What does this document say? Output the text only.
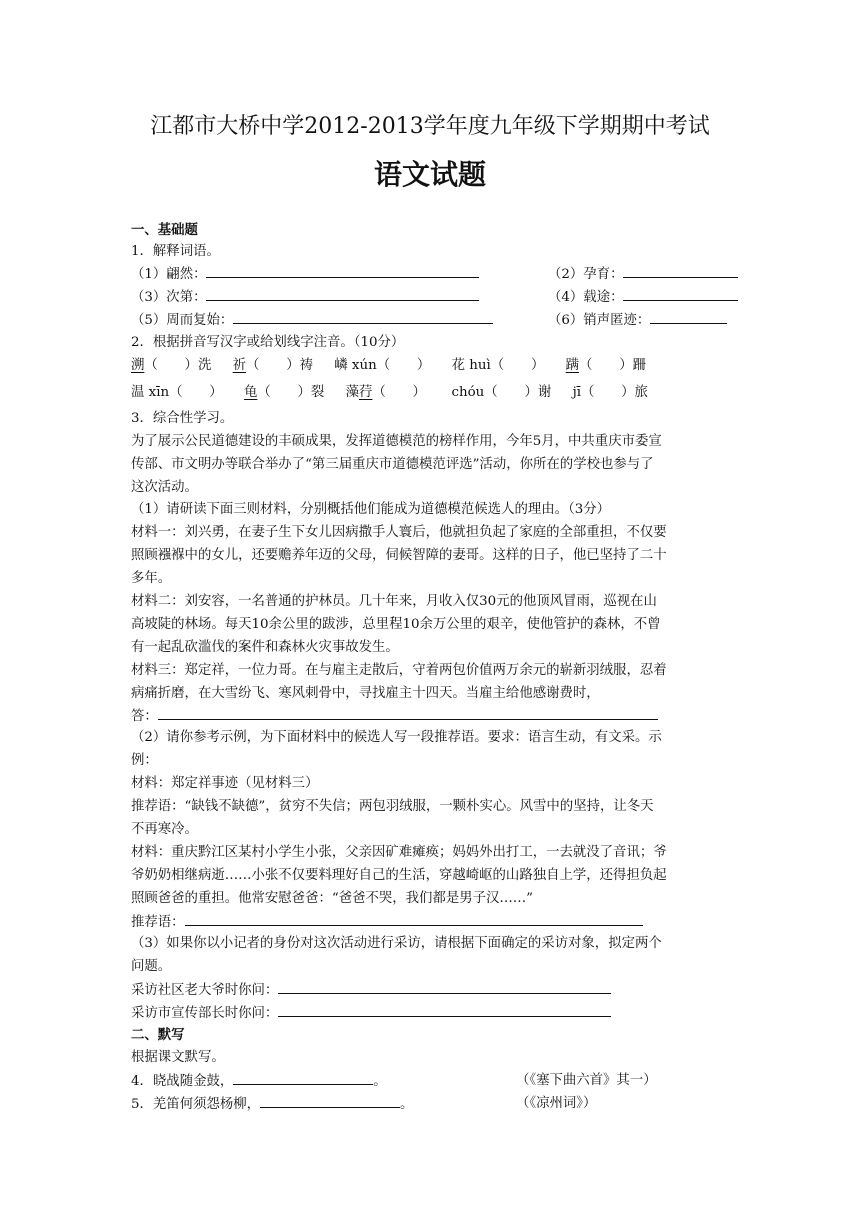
江都市大桥中学2012-2013学年度九年级下学期期中考试
语文试题
一、基础题
1．解释词语。
（1）翩然：	（2）孕育：
（3）次第：	（4）载途：
（5）周而复始：	（6）销声匿迹：
2．根据拼音写汉字或给划线字注音。（10分）
溯（　　）洗 祈（　　）祷 嶙 xún（　　） 花 huì（　　） 蹒（　　）跚
温 xīn（　　） 龟（　　）裂 藻荇（　　） chóu（　　）谢 jī（　　）旅
3．综合性学习。
为了展示公民道德建设的丰硕成果，发挥道德模范的榜样作用，今年5月，中共重庆市委宣
传部、市文明办等联合举办了“第三届重庆市道德模范评选”活动，你所在的学校也参与了
这次活动。
（1）请研读下面三则材料，分别概括他们能成为道德模范候选人的理由。（3分）
材料一：刘兴勇，在妻子生下女儿因病撒手人寰后，他就担负起了家庭的全部重担，不仅要
照顾襁褓中的女儿，还要赡养年迈的父母，伺候智障的妻哥。这样的日子，他已坚持了二十
多年。
材料二：刘安容，一名普通的护林员。几十年来，月收入仅30元的他顶风冒雨，巡视在山
高坡陡的林场。每天10余公里的跋涉，总里程10余万公里的艰辛，使他管护的森林，不曾
有一起乱砍滥伐的案件和森林火灾事故发生。
材料三：郑定祥，一位力哥。在与雇主走散后，守着两包价值两万余元的崭新羽绒服，忍着
病痛折磨，在大雪纷飞、寒风刺骨中，寻找雇主十四天。当雇主给他感谢费时，
答：
（2）请你参考示例，为下面材料中的候选人写一段推荐语。要求：语言生动，有文采。示
例：
材料：郑定祥事迹（见材料三）
推荐语：“缺钱不缺德”，贫穷不失信；两包羽绒服，一颗朴实心。风雪中的坚持，让冬天
不再寒冷。
材料：重庆黔江区某村小学生小张，父亲因矿难瘫痪；妈妈外出打工，一去就没了音讯；爷
爷奶奶相继病逝……小张不仅要料理好自己的生活，穿越崎岖的山路独自上学，还得担负起
照顾爸爸的重担。他常安慰爸爸：“爸爸不哭，我们都是男子汉……”
推荐语：
（3）如果你以小记者的身份对这次活动进行采访，请根据下面确定的采访对象，拟定两个
问题。
采访社区老大爷时你问：
采访市宣传部长时你问：
二、默写
根据课文默写。
4．晓战随金鼓，	。	（《塞下曲六首》其一）
5．羌笛何须怨杨柳，	。	（《凉州词》）
